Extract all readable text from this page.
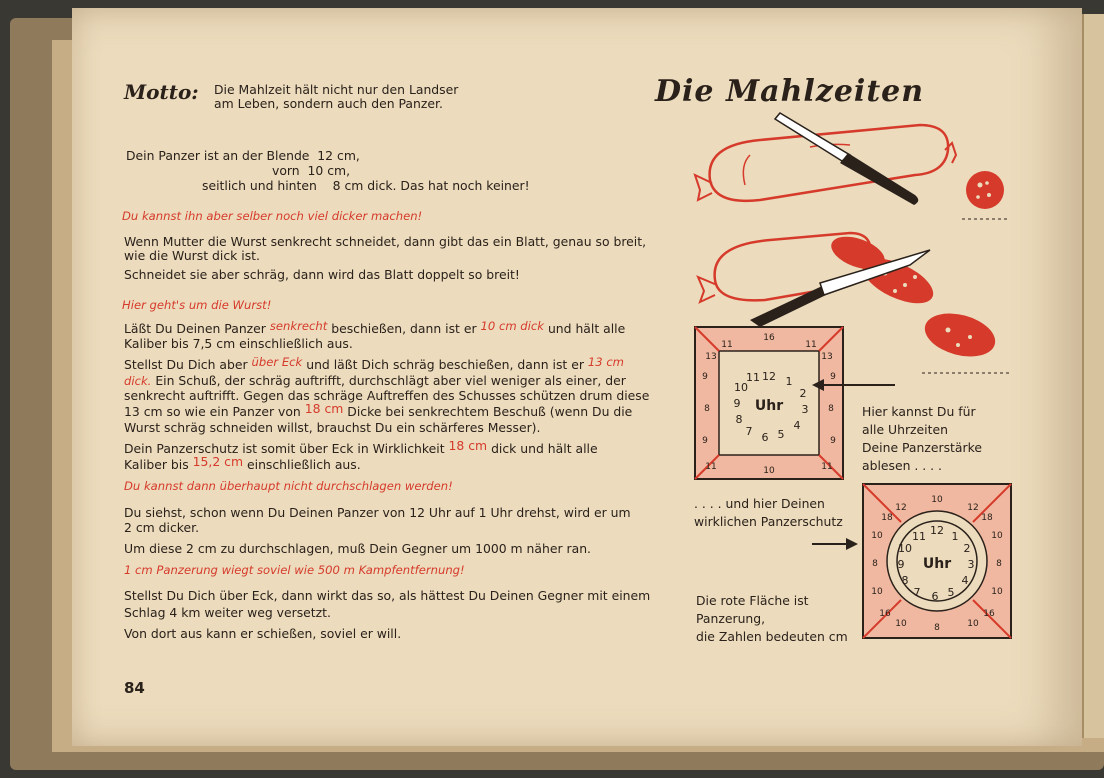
Motto: Die Mahlzeit hält nicht nur den Landser
am Leben, sondern auch den Panzer.	Die Mahlzeiten
Dein Panzer ist an der Blende  12 cm,
vorn  10 cm,
seitlich und hinten    8 cm dick. Das hat noch keiner!
Du kannst ihn aber selber noch viel dicker machen!
Wenn Mutter die Wurst senkrecht schneidet, dann gibt das ein Blatt, genau so breit,
wie die Wurst dick ist.
Schneidet sie aber schräg, dann wird das Blatt doppelt so breit!
Hier geht's um die Wurst!
Läßt Du Deinen Panzer senkrecht beschießen, dann ist er 10 cm dick und hält alle
Kaliber bis 7,5 cm einschließlich aus.
Stellst Du Dich aber über Eck und läßt Dich schräg beschießen, dann ist er 13 cm
dick. Ein Schuß, der schräg auftrifft, durchschlägt aber viel weniger als einer, der
senkrecht auftrifft. Gegen das schräge Auftreffen des Schusses schützen drum diese
13 cm so wie ein Panzer von 18 cm Dicke bei senkrechtem Beschuß (wenn Du die
Wurst schräg schneiden willst, brauchst Du ein schärferes Messer).
Dein Panzerschutz ist somit über Eck in Wirklichkeit 18 cm dick und hält alle
Kaliber bis 15,2 cm einschließlich aus.
Du kannst dann überhaupt nicht durchschlagen werden!
Du siehst, schon wenn Du Deinen Panzer von 12 Uhr auf 1 Uhr drehst, wird er um
2 cm dicker.
Um diese 2 cm zu durchschlagen, muß Dein Gegner um 1000 m näher ran.
1 cm Panzerung wiegt soviel wie 500 m Kampfentfernung!
Stellst Du Dich über Eck, dann wirkt das so, als hättest Du Deinen Gegner mit einem
Schlag 4 km weiter weg versetzt.
Von dort aus kann er schießen, soviel er will.
84
Uhr
12 1
2
3
4
5
6
7
8
9
10
11
16
11	11
13	13
9	9
8	8
9	9
11	11
10
Uhr
12 1
2
3
4
5
6
7
8
9
10
11
10
18	18
12	12
10	10
8	8
10	10
16	16
10	10
8
Hier kannst Du für
alle Uhrzeiten
Deine Panzerstärke
ablesen . . . .
. . . . und hier Deinen
wirklichen Panzerschutz
Die rote Fläche ist
Panzerung,
die Zahlen bedeuten cm
